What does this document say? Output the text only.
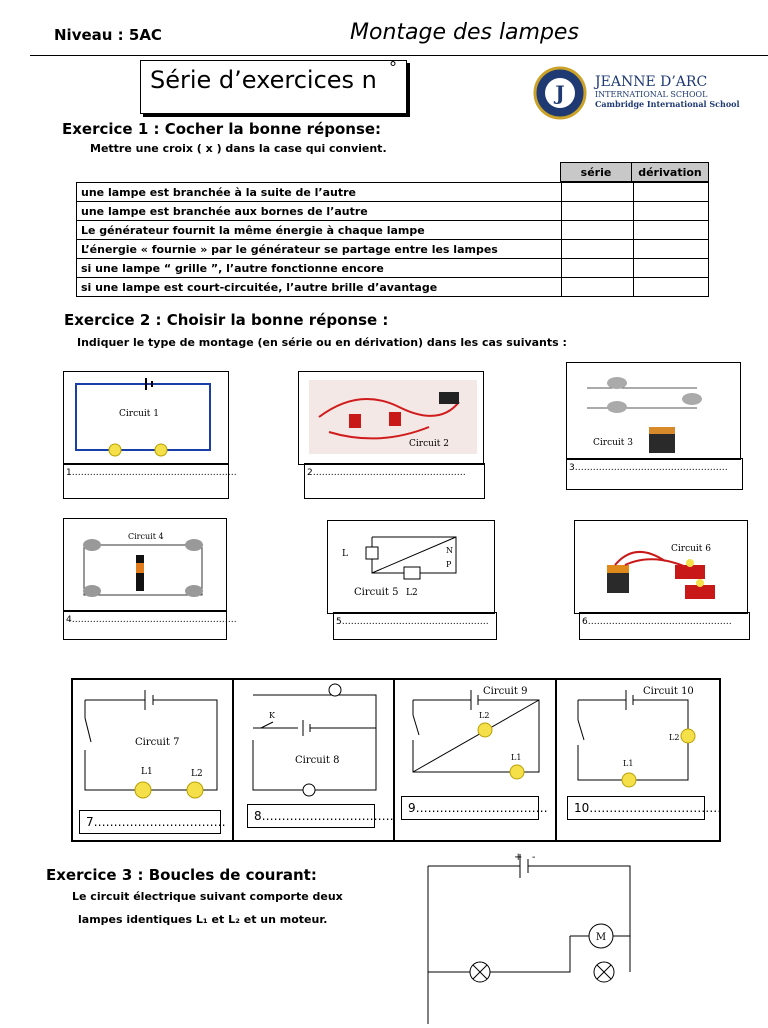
Niveau : 5AC	Montage des lampes
Série d’exercices n °
J JEANNE D’ARC
INTERNATIONAL SCHOOL
Cambridge International School
Exercice 1 : Cocher la bonne réponse:
Mettre une croix ( x ) dans la case qui convient.
série	dérivation
une lampe est branchée à la suite de l’autre		
une lampe est branchée aux bornes de l’autre		
Le générateur fournit la même énergie à chaque lampe		
L’énergie « fournie » par le générateur se partage entre les lampes		
si une lampe “ grille ”, l’autre fonctionne encore		
si une lampe est court-circuitée, l’autre brille d’avantage		
Exercice 2 : Choisir la bonne réponse :
Indiquer le type de montage (en série ou en dérivation) dans les cas suivants :
Circuit 1
1……………………………………………….
Circuit 2
2……………………………………………
Circuit 3
3……………………………………………
Circuit 4
4……………………………………………….
L	N
P
Circuit 5 L2
5………………………………………….
Circuit 6
6…………………………………………
Circuit 7
L1	L2
Circuit 8
K
Circuit 9
L2
L1
Circuit 10
L2
L1
7……………………………	8……………………………
9……………………………	10……………………………
Exercice 3 : Boucles de courant:
Le circuit électrique suivant comporte deux
lampes identiques L₁ et L₂ et un moteur.
M
+ -
